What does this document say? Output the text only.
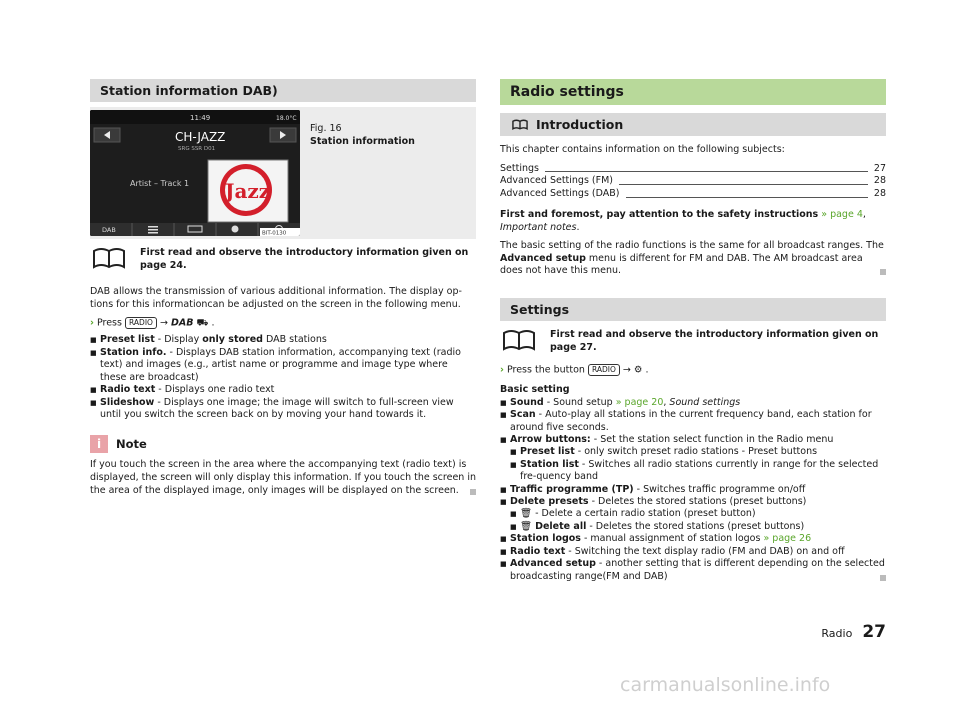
Station information DAB)
11:49	18.0°C
CH-JAZZ
SRG SSR D01
Artist – Track 1 Jazz
DAB	BIT-0130
Fig. 16
Station information
First read and observe the introductory information given on page 24.

DAB allows the transmission of various additional information. The display op-tions for this informationcan be adjusted on the screen in the following menu.

› Press RADIO → DAB ⛟ .
■ Preset list - Display only stored DAB stations
■ Station info. - Displays DAB station information, accompanying text (radio text) and images (e.g., artist name or programme and image type where these are broadcast)
■ Radio text - Displays one radio text
■ Slideshow - Displays one image; the image will switch to full-screen view until you switch the screen back on by moving your hand towards it.
i	Note

If you touch the screen in the area where the accompanying text (radio text) is displayed, the screen will only display this information. If you touch the screen in the area of the displayed image, only images will be displayed on the screen.

Radio settings
Introduction

This chapter contains information on the following subjects:

Settings	27
Advanced Settings (FM)	28
Advanced Settings (DAB)	28

First and foremost, pay attention to the safety instructions » page 4, Important notes.

The basic setting of the radio functions is the same for all broadcast ranges. The Advanced setup menu is different for FM and DAB. The AM broadcast area does not have this menu.

Settings
First read and observe the introductory information given on page 27.
› Press the button RADIO → ⚙ .
Basic setting
■ Sound - Sound setup » page 20, Sound settings
■ Scan - Auto-play all stations in the current frequency band, each station for around five seconds.
■ Arrow buttons: - Set the station select function in the Radio menu
■ Preset list - only switch preset radio stations - Preset buttons
■ Station list - Switches all radio stations currently in range for the selected fre-quency band
■ Traffic programme (TP) - Switches traffic programme on/off
■ Delete presets - Deletes the stored stations (preset buttons)
■ 🗑 - Delete a certain radio station (preset button)
■ 🗑 Delete all - Deletes the stored stations (preset buttons)
■ Station logos - manual assignment of station logos » page 26
■ Radio text - Switching the text display radio (FM and DAB) on and off
■ Advanced setup - another setting that is different depending on the selected broadcasting range(FM and DAB)
Radio 27
carmanualsonline.info
